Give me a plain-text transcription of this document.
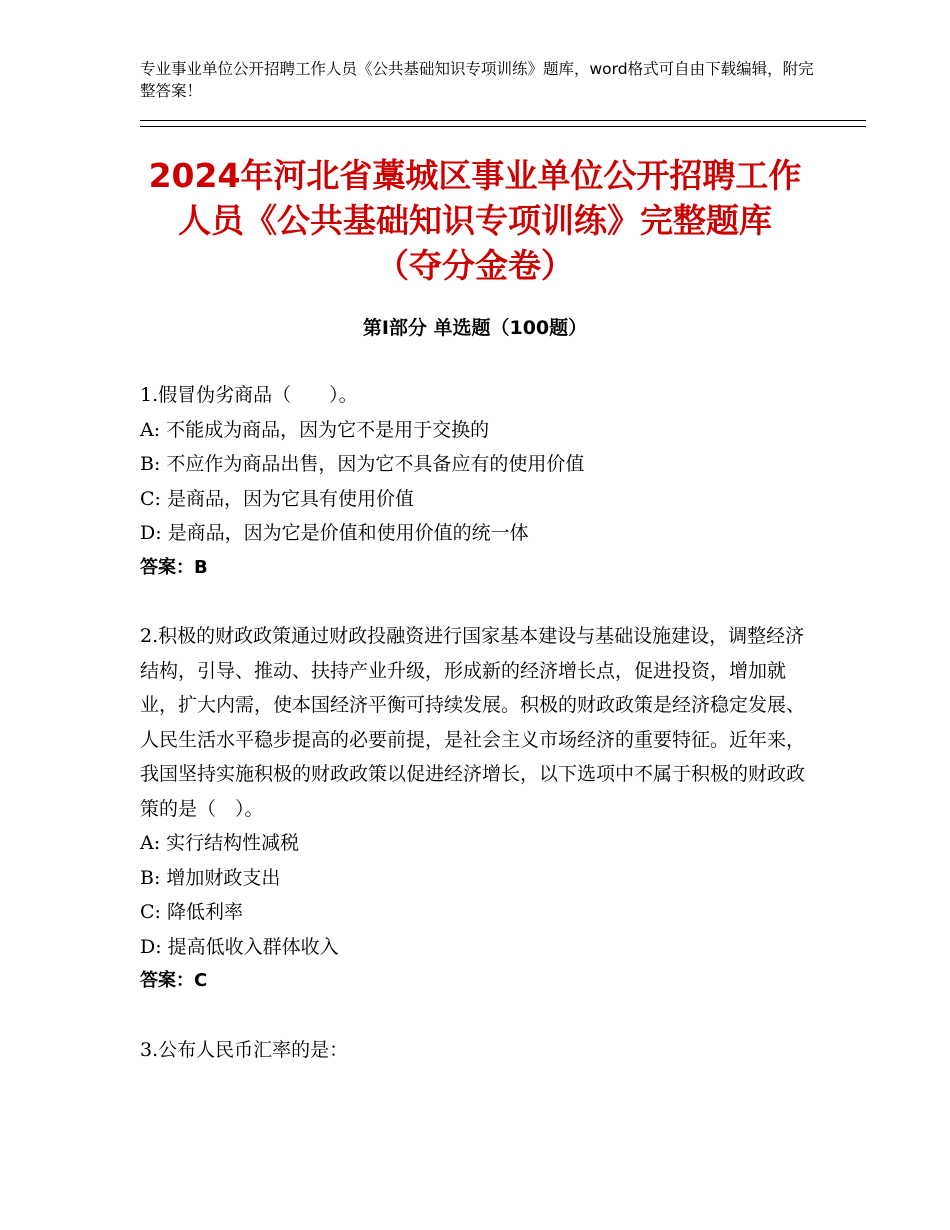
专业事业单位公开招聘工作人员《公共基础知识专项训练》题库，word格式可自由下载编辑，附完整答案！
2024年河北省藁城区事业单位公开招聘工作
人员《公共基础知识专项训练》完整题库
（夺分金卷）
第Ⅰ部分 单选题（100题）

1.假冒伪劣商品（　　）。

A: 不能成为商品，因为它不是用于交换的

B: 不应作为商品出售，因为它不具备应有的使用价值

C: 是商品，因为它具有使用价值

D: 是商品，因为它是价值和使用价值的统一体

答案：B

2.积极的财政政策通过财政投融资进行国家基本建设与基础设施建设，调整经济结构，引导、推动、扶持产业升级，形成新的经济增长点，促进投资，增加就业，扩大内需，使本国经济平衡可持续发展。积极的财政政策是经济稳定发展、人民生活水平稳步提高的必要前提，是社会主义市场经济的重要特征。近年来，我国坚持实施积极的财政政策以促进经济增长，以下选项中不属于积极的财政政策的是（　）。

A: 实行结构性减税

B: 增加财政支出

C: 降低利率

D: 提高低收入群体收入

答案：C

3.公布人民币汇率的是：
